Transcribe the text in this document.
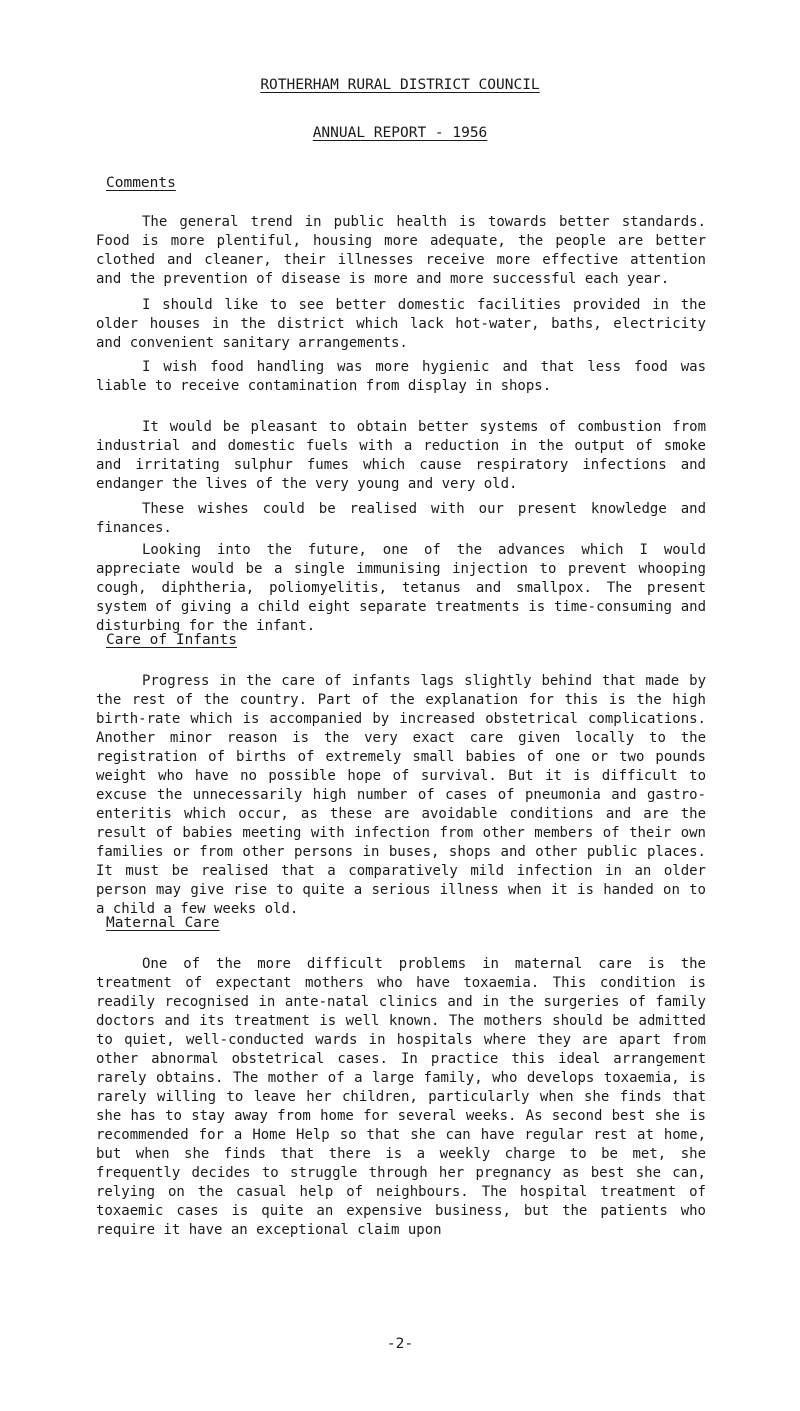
ROTHERHAM RURAL DISTRICT COUNCIL
ANNUAL REPORT - 1956
Comments

The general trend in public health is towards better standards. Food is more plentiful, housing more adequate, the people are better clothed and cleaner, their illnesses receive more effective attention and the prevention of disease is more and more successful each year.

I should like to see better domestic facilities provided in the older houses in the district which lack hot-water, baths, electricity and convenient sanitary arrangements.

I wish food handling was more hygienic and that less food was liable to receive contamination from display in shops.

It would be pleasant to obtain better systems of combustion from industrial and domestic fuels with a reduction in the output of smoke and irritating sulphur fumes which cause respiratory infections and endanger the lives of the very young and very old.

These wishes could be realised with our present knowledge and finances.

Looking into the future, one of the advances which I would appreciate would be a single immunising injection to prevent whooping cough, diphtheria, poliomyelitis, tetanus and smallpox. The present system of giving a child eight separate treatments is time-consuming and disturbing for the infant.

Care of Infants

Progress in the care of infants lags slightly behind that made by the rest of the country. Part of the explanation for this is the high birth-rate which is accompanied by increased obstetrical complications. Another minor reason is the very exact care given locally to the registration of births of extremely small babies of one or two pounds weight who have no possible hope of survival. But it is difficult to excuse the unnecessarily high number of cases of pneumonia and gastro-enteritis which occur, as these are avoidable conditions and are the result of babies meeting with infection from other members of their own families or from other persons in buses, shops and other public places. It must be realised that a comparatively mild infection in an older person may give rise to quite a serious illness when it is handed on to a child a few weeks old.

Maternal Care

One of the more difficult problems in maternal care is the treatment of expectant mothers who have toxaemia. This condition is readily recognised in ante-natal clinics and in the surgeries of family doctors and its treatment is well known. The mothers should be admitted to quiet, well-conducted wards in hospitals where they are apart from other abnormal obstetrical cases. In practice this ideal arrangement rarely obtains. The mother of a large family, who develops toxaemia, is rarely willing to leave her children, particularly when she finds that she has to stay away from home for several weeks. As second best she is recommended for a Home Help so that she can have regular rest at home, but when she finds that there is a weekly charge to be met, she frequently decides to struggle through her pregnancy as best she can, relying on the casual help of neighbours. The hospital treatment of toxaemic cases is quite an expensive business, but the patients who require it have an exceptional claim upon

-2-
